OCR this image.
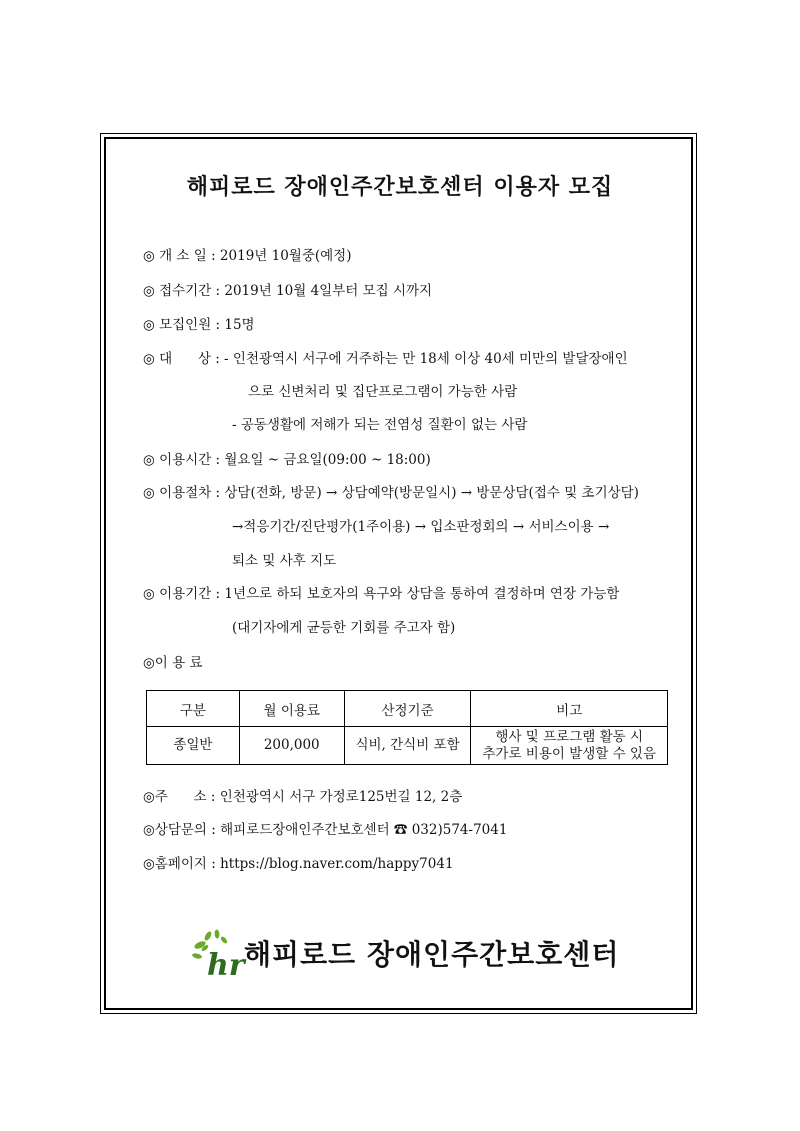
해피로드 장애인주간보호센터 이용자 모집
◎ 개 소 일 : 2019년 10월중(예정)
◎ 접수기간 : 2019년 10월 4일부터 모집 시까지
◎ 모집인원 : 15명
◎ 대      상 : - 인천광역시 서구에 거주하는 만 18세 이상 40세 미만의 발달장애인
으로 신변처리 및 집단프로그램이 가능한 사람
- 공동생활에 저해가 되는 전염성 질환이 없는 사람
◎ 이용시간 : 월요일 ~ 금요일(09:00 ~ 18:00)
◎ 이용절차 : 상담(전화, 방문) → 상담예약(방문일시) → 방문상담(접수 및 초기상담)
→적응기간/진단평가(1주이용) → 입소판정회의 → 서비스이용 →
퇴소 및 사후 지도
◎ 이용기간 : 1년으로 하되 보호자의 욕구와 상담을 통하여 결정하며 연장 가능함
(대기자에게 균등한 기회를 주고자 함)
◎이 용 료
구분	월 이용료	산정기준	비고
종일반	200,000	식비, 간식비 포함	행사 및 프로그램 활동 시
추가로 비용이 발생할 수 있음
◎주      소 : 인천광역시 서구 가정로125번길 12, 2층
◎상담문의 : 해피로드장애인주간보호센터 ☎ 032)574-7041
◎홈페이지 : https://blog.naver.com/happy7041
hr 해피로드 장애인주간보호센터
